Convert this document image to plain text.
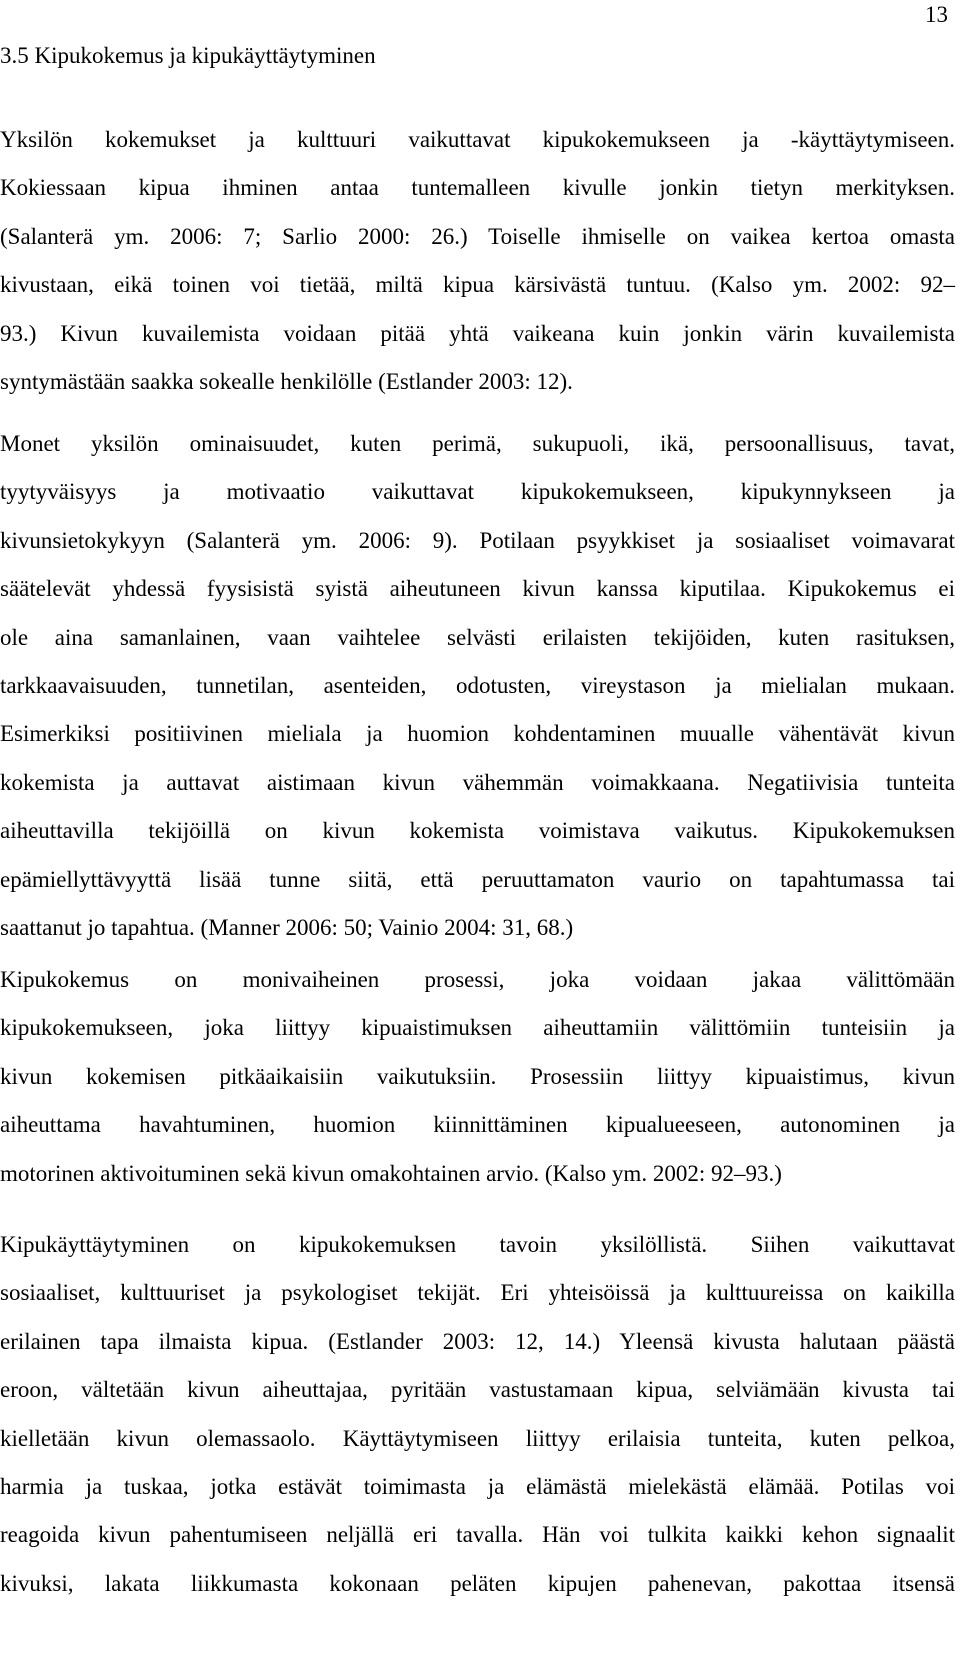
13
3.5 Kipukokemus ja kipukäyttäytyminen
Yksilön kokemukset ja kulttuuri vaikuttavat kipukokemukseen ja -käyttäytymiseen.
Kokiessaan kipua ihminen antaa tuntemalleen kivulle jonkin tietyn merkityksen.
(Salanterä ym. 2006: 7; Sarlio 2000: 26.) Toiselle ihmiselle on vaikea kertoa omasta
kivustaan, eikä toinen voi tietää, miltä kipua kärsivästä tuntuu. (Kalso ym. 2002: 92–
93.) Kivun kuvailemista voidaan pitää yhtä vaikeana kuin jonkin värin kuvailemista
syntymästään saakka sokealle henkilölle (Estlander 2003: 12).
Monet yksilön ominaisuudet, kuten perimä, sukupuoli, ikä, persoonallisuus, tavat,
tyytyväisyys ja motivaatio vaikuttavat kipukokemukseen, kipukynnykseen ja
kivunsietokykyyn (Salanterä ym. 2006: 9). Potilaan psyykkiset ja sosiaaliset voimavarat
säätelevät yhdessä fyysisistä syistä aiheutuneen kivun kanssa kiputilaa. Kipukokemus ei
ole aina samanlainen, vaan vaihtelee selvästi erilaisten tekijöiden, kuten rasituksen,
tarkkaavaisuuden, tunnetilan, asenteiden, odotusten, vireystason ja mielialan mukaan.
Esimerkiksi positiivinen mieliala ja huomion kohdentaminen muualle vähentävät kivun
kokemista ja auttavat aistimaan kivun vähemmän voimakkaana. Negatiivisia tunteita
aiheuttavilla tekijöillä on kivun kokemista voimistava vaikutus. Kipukokemuksen
epämiellyttävyyttä lisää tunne siitä, että peruuttamaton vaurio on tapahtumassa tai
saattanut jo tapahtua. (Manner 2006: 50; Vainio 2004: 31, 68.)
Kipukokemus on monivaiheinen prosessi, joka voidaan jakaa välittömään
kipukokemukseen, joka liittyy kipuaistimuksen aiheuttamiin välittömiin tunteisiin ja
kivun kokemisen pitkäaikaisiin vaikutuksiin. Prosessiin liittyy kipuaistimus, kivun
aiheuttama havahtuminen, huomion kiinnittäminen kipualueeseen, autonominen ja
motorinen aktivoituminen sekä kivun omakohtainen arvio. (Kalso ym. 2002: 92–93.)
Kipukäyttäytyminen on kipukokemuksen tavoin yksilöllistä. Siihen vaikuttavat
sosiaaliset, kulttuuriset ja psykologiset tekijät. Eri yhteisöissä ja kulttuureissa on kaikilla
erilainen tapa ilmaista kipua. (Estlander 2003: 12, 14.) Yleensä kivusta halutaan päästä
eroon, vältetään kivun aiheuttajaa, pyritään vastustamaan kipua, selviämään kivusta tai
kielletään kivun olemassaolo. Käyttäytymiseen liittyy erilaisia tunteita, kuten pelkoa,
harmia ja tuskaa, jotka estävät toimimasta ja elämästä mielekästä elämää. Potilas voi
reagoida kivun pahentumiseen neljällä eri tavalla. Hän voi tulkita kaikki kehon signaalit
kivuksi, lakata liikkumasta kokonaan peläten kipujen pahenevan, pakottaa itsensä
